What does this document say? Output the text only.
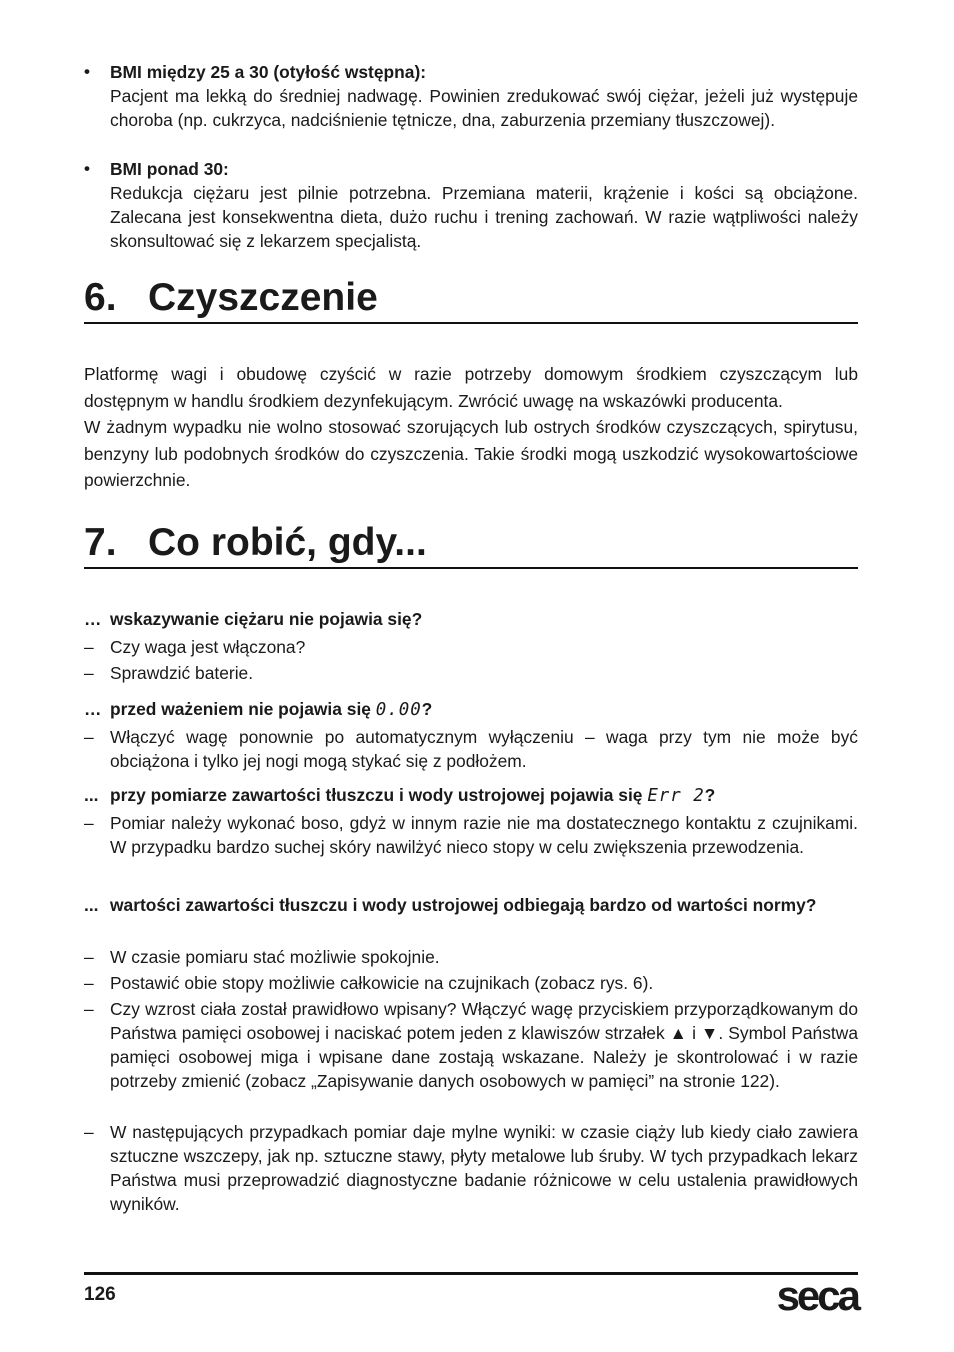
•	BMI między 25 a 30 (otyłość wstępna):
Pacjent ma lekką do średniej nadwagę. Powinien zredukować swój ciężar, jeżeli już występuje choroba (np. cukrzyca, nadciśnienie tętnicze, dna, zaburzenia przemiany tłuszczowej).
•	BMI ponad 30:
Redukcja ciężaru jest pilnie potrzebna. Przemiana materii, krążenie i kości są obciążone. Zalecana jest konsekwentna dieta, dużo ruchu i trening zachowań. W razie wątpliwości należy skonsultować się z lekarzem specjalistą.
6. Czyszczenie
Platformę wagi i obudowę czyścić w razie potrzeby domowym środkiem czyszczącym lub dostępnym w handlu środkiem dezynfekującym. Zwrócić uwagę na wskazówki producenta.
W żadnym wypadku nie wolno stosować szorujących lub ostrych środków czyszczących, spirytusu, benzyny lub podobnych środków do czyszczenia. Takie środki mogą uszkodzić wysokowartościowe powierzchnie.
7. Co robić, gdy...
… wskazywanie ciężaru nie pojawia się?
– Czy waga jest włączona?
– Sprawdzić baterie.
… przed ważeniem nie pojawia się 0.00?
– Włączyć wagę ponownie po automatycznym wyłączeniu – waga przy tym nie może być obciążona i tylko jej nogi mogą stykać się z podłożem.
... przy pomiarze zawartości tłuszczu i wody ustrojowej pojawia się Err 2?
– Pomiar należy wykonać boso, gdyż w innym razie nie ma dostatecznego kontaktu z czujnikami. W przypadku bardzo suchej skóry nawilżyć nieco stopy w celu zwiększenia przewodzenia.
... wartości zawartości tłuszczu i wody ustrojowej odbiegają bardzo od wartości normy?
– W czasie pomiaru stać możliwie spokojnie.
– Postawić obie stopy możliwie całkowicie na czujnikach (zobacz rys. 6).
– Czy wzrost ciała został prawidłowo wpisany? Włączyć wagę przyciskiem przyporządkowanym do Państwa pamięci osobowej i naciskać potem jeden z klawiszów strzałek ▲ i ▼. Symbol Państwa pamięci osobowej miga i wpisane dane zostają wskazane. Należy je skontrolować i w razie potrzeby zmienić (zobacz „Zapisywanie danych osobowych w pamięci” na stronie 122).
– W następujących przypadkach pomiar daje mylne wyniki: w czasie ciąży lub kiedy ciało zawiera sztuczne wszczepy, jak np. sztuczne stawy, płyty metalowe lub śruby. W tych przypadkach lekarz Państwa musi przeprowadzić diagnostyczne badanie różnicowe w celu ustalenia prawidłowych wyników.
126	seca
